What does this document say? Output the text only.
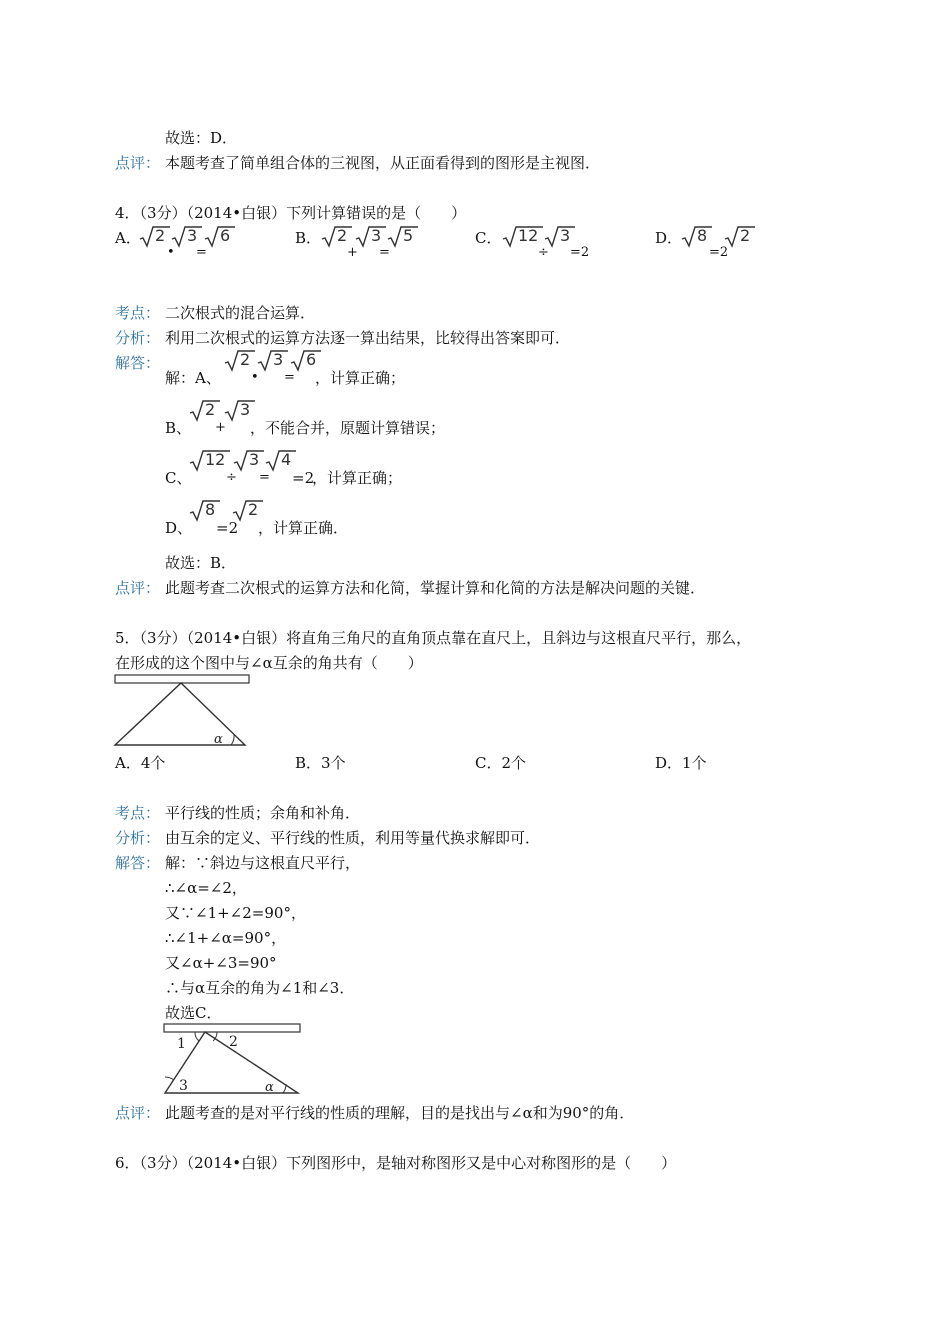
故选：D．
点评： 本题考查了简单组合体的三视图，从正面看得到的图形是主视图．
4．（3分）（2014•白银）下列计算错误的是（　　）
A． 2 3 6
• =
B． 2 3 5
+ =
C． 12 3
÷ =2
D． 8 2
=2
考点： 二次根式的混合运算．
分析： 利用二次根式的运算方法逐一算出结果，比较得出答案即可．
解答：
解：A、
2 3 6
• = ，计算正确；
B、
2 3
+ ，不能合并，原题计算错误；
C、
12 3 4
÷ = =2
，计算正确；
D、
8 2
=2 ，计算正确．
故选：B．
点评： 此题考查二次根式的运算方法和化简，掌握计算和化简的方法是解决问题的关键．
5．（3分）（2014•白银）将直角三角尺的直角顶点靠在直尺上，且斜边与这根直尺平行，那么，
在形成的这个图中与∠α互余的角共有（　　）
α
A．4个	B．3个	C．2个	D．1个
考点： 平行线的性质；余角和补角．
分析： 由互余的定义、平行线的性质，利用等量代换求解即可．
解答： 解：∵斜边与这根直尺平行，
∴∠α=∠2，
又∵∠1+∠2=90°，
∴∠1+∠α=90°，
又∠α+∠3=90°
∴与α互余的角为∠1和∠3．
故选C．
1	2
3	α
点评： 此题考查的是对平行线的性质的理解，目的是找出与∠α和为90°的角．
6．（3分）（2014•白银）下列图形中，是轴对称图形又是中心对称图形的是（　　）
